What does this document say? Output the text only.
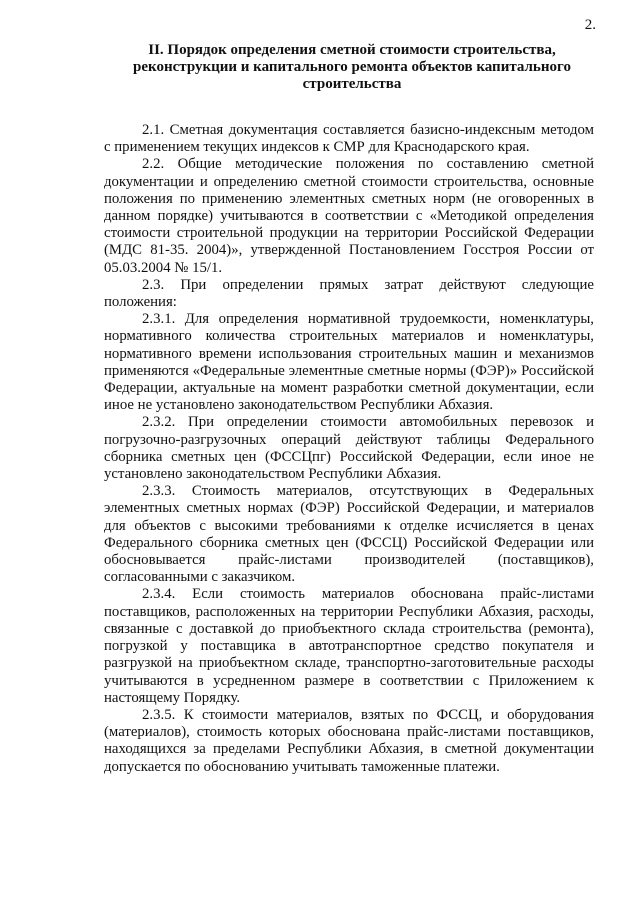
2.
II. Порядок определения сметной стоимости строительства, реконструкции и капитального ремонта объектов капитального строительства

2.1. Сметная документация составляется базисно-индексным методом с применением текущих индексов к СМР для Краснодарского края.

2.2. Общие методические положения по составлению сметной документации и определению сметной стоимости строительства, основные положения по применению элементных сметных норм (не оговоренных в данном порядке) учитываются в соответствии с «Методикой определения стоимости строительной продукции на территории Российской Федерации (МДС 81-35. 2004)», утвержденной Постановлением Госстроя России от 05.03.2004 № 15/1.

2.3. При определении прямых затрат действуют следующие положения:

2.3.1. Для определения нормативной трудоемкости, номенклатуры, нормативного количества строительных материалов и номенклатуры, нормативного времени использования строительных машин и механизмов применяются «Федеральные элементные сметные нормы (ФЭР)» Российской Федерации, актуальные на момент разработки сметной документации, если иное не установлено законодательством Республики Абхазия.

2.3.2. При определении стоимости автомобильных перевозок и погрузочно-разгрузочных операций действуют таблицы Федерального сборника сметных цен (ФССЦпг) Российской Федерации, если иное не установлено законодательством Республики Абхазия.

2.3.3. Стоимость материалов, отсутствующих в Федеральных элементных сметных нормах (ФЭР) Российской Федерации, и материалов для объектов с высокими требованиями к отделке исчисляется в ценах Федерального сборника сметных цен (ФССЦ) Российской Федерации или обосновывается прайс-листами производителей (поставщиков), согласованными с заказчиком.

2.3.4. Если стоимость материалов обоснована прайс-листами поставщиков, расположенных на территории Республики Абхазия, расходы, связанные с доставкой до приобъектного склада строительства (ремонта), погрузкой у поставщика в автотранспортное средство покупателя и разгрузкой на приобъектном складе, транспортно-заготовительные расходы учитываются в усредненном размере в соответствии с Приложением к настоящему Порядку.

2.3.5. К стоимости материалов, взятых по ФССЦ, и оборудования (материалов), стоимость которых обоснована прайс-листами поставщиков, находящихся за пределами Республики Абхазия, в сметной документации допускается по обоснованию учитывать таможенные платежи.
